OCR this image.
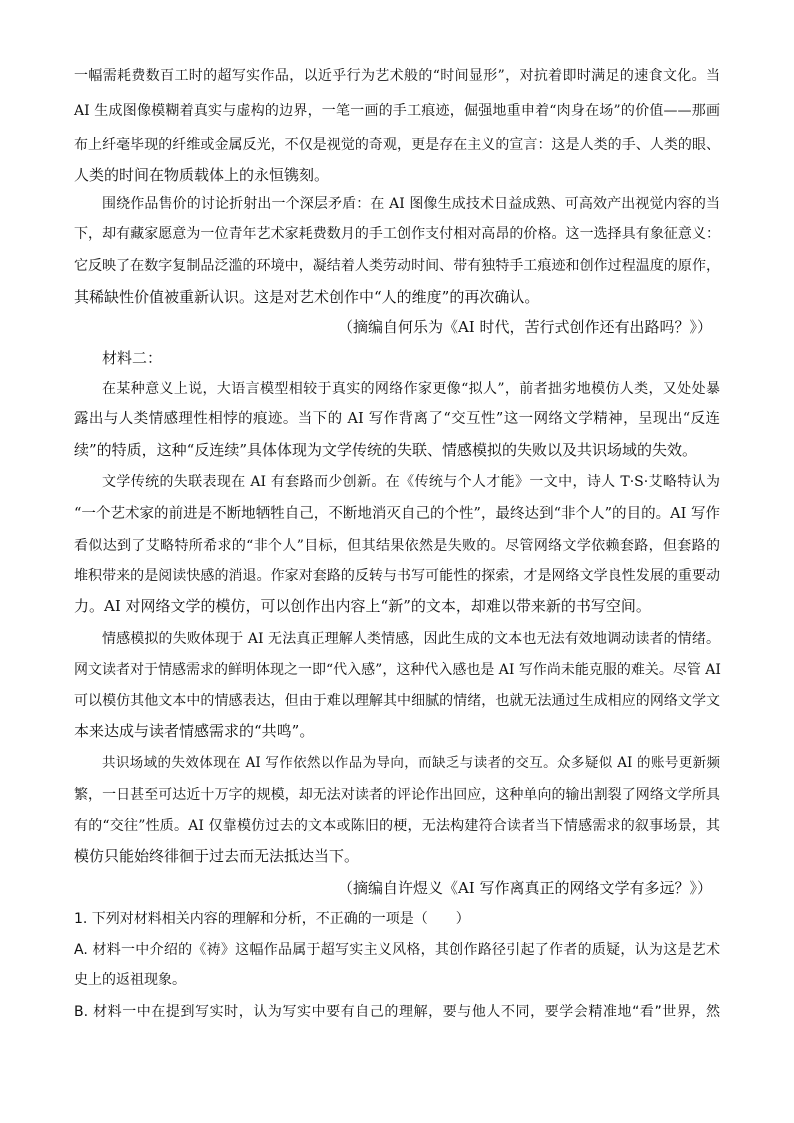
一幅需耗费数百工时的超写实作品，以近乎行为艺术般的“时间显形”，对抗着即时满足的速食文化。当
AI 生成图像模糊着真实与虚构的边界，一笔一画的手工痕迹，倔强地重申着“肉身在场”的价值——那画
布上纤毫毕现的纤维或金属反光，不仅是视觉的奇观，更是存在主义的宣言：这是人类的手、人类的眼、
人类的时间在物质载体上的永恒镌刻。
围绕作品售价的讨论折射出一个深层矛盾：在 AI 图像生成技术日益成熟、可高效产出视觉内容的当
下，却有藏家愿意为一位青年艺术家耗费数月的手工创作支付相对高昂的价格。这一选择具有象征意义：
它反映了在数字复制品泛滥的环境中，凝结着人类劳动时间、带有独特手工痕迹和创作过程温度的原作，
其稀缺性价值被重新认识。这是对艺术创作中“人的维度”的再次确认。
（摘编自何乐为《AI 时代，苦行式创作还有出路吗？》）
材料二：
在某种意义上说，大语言模型相较于真实的网络作家更像“拟人”，前者拙劣地模仿人类，又处处暴
露出与人类情感理性相悖的痕迹。当下的 AI 写作背离了“交互性”这一网络文学精神，呈现出“反连
续”的特质，这种“反连续”具体体现为文学传统的失联、情感模拟的失败以及共识场域的失效。
文学传统的失联表现在 AI 有套路而少创新。在《传统与个人才能》一文中，诗人 T·S·艾略特认为
“一个艺术家的前进是不断地牺牲自己，不断地消灭自己的个性”，最终达到“非个人”的目的。AI 写作
看似达到了艾略特所希求的“非个人”目标，但其结果依然是失败的。尽管网络文学依赖套路，但套路的
堆积带来的是阅读快感的消退。作家对套路的反转与书写可能性的探索，才是网络文学良性发展的重要动
力。AI 对网络文学的模仿，可以创作出内容上“新”的文本，却难以带来新的书写空间。
情感模拟的失败体现于 AI 无法真正理解人类情感，因此生成的文本也无法有效地调动读者的情绪。
网文读者对于情感需求的鲜明体现之一即“代入感”，这种代入感也是 AI 写作尚未能克服的难关。尽管 AI
可以模仿其他文本中的情感表达，但由于难以理解其中细腻的情绪，也就无法通过生成相应的网络文学文
本来达成与读者情感需求的“共鸣”。
共识场域的失效体现在 AI 写作依然以作品为导向，而缺乏与读者的交互。众多疑似 AI 的账号更新频
繁，一日甚至可达近十万字的规模，却无法对读者的评论作出回应，这种单向的输出割裂了网络文学所具
有的“交往”性质。AI 仅靠模仿过去的文本或陈旧的梗，无法构建符合读者当下情感需求的叙事场景，其
模仿只能始终徘徊于过去而无法抵达当下。
（摘编自许煜义《AI 写作离真正的网络文学有多远？》）
1. 下列对材料相关内容的理解和分析，不正确的一项是（　　）
A. 材料一中介绍的《祷》这幅作品属于超写实主义风格，其创作路径引起了作者的质疑，认为这是艺术
史上的返祖现象。
B. 材料一中在提到写实时，认为写实中要有自己的理解，要与他人不同，要学会精准地“看”世界，然
